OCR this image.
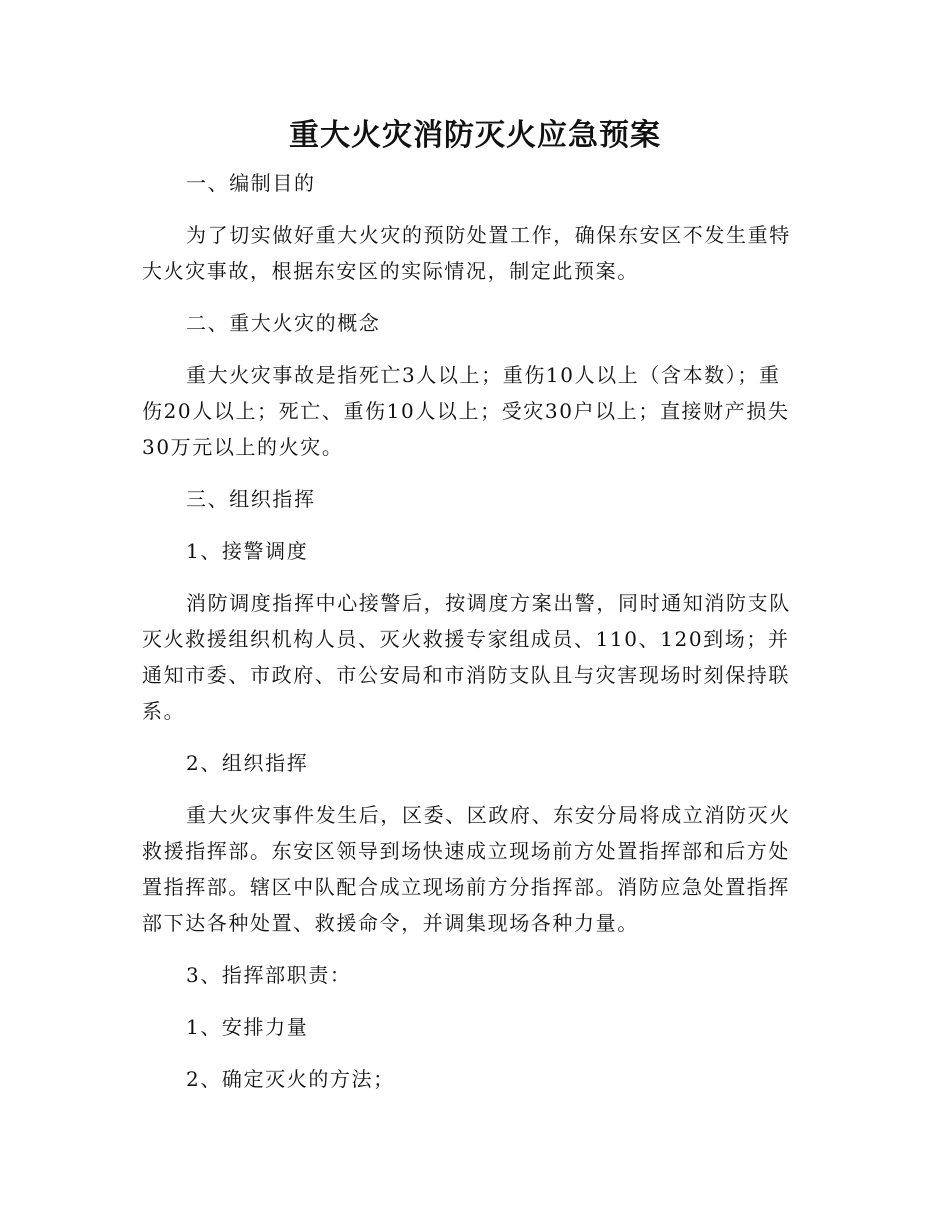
重大火灾消防灭火应急预案

一、编制目的

为了切实做好重大火灾的预防处置工作，确保东安区不发生重特大火灾事故，根据东安区的实际情况，制定此预案。

二、重大火灾的概念

重大火灾事故是指死亡3人以上；重伤10人以上（含本数）；重伤20人以上；死亡、重伤10人以上；受灾30户以上；直接财产损失30万元以上的火灾。

三、组织指挥

1、接警调度

消防调度指挥中心接警后，按调度方案出警，同时通知消防支队灭火救援组织机构人员、灭火救援专家组成员、110、120到场；并通知市委、市政府、市公安局和市消防支队且与灾害现场时刻保持联系。

2、组织指挥

重大火灾事件发生后，区委、区政府、东安分局将成立消防灭火救援指挥部。东安区领导到场快速成立现场前方处置指挥部和后方处置指挥部。辖区中队配合成立现场前方分指挥部。消防应急处置指挥部下达各种处置、救援命令，并调集现场各种力量。

3、指挥部职责：

1、安排力量

2、确定灭火的方法；
